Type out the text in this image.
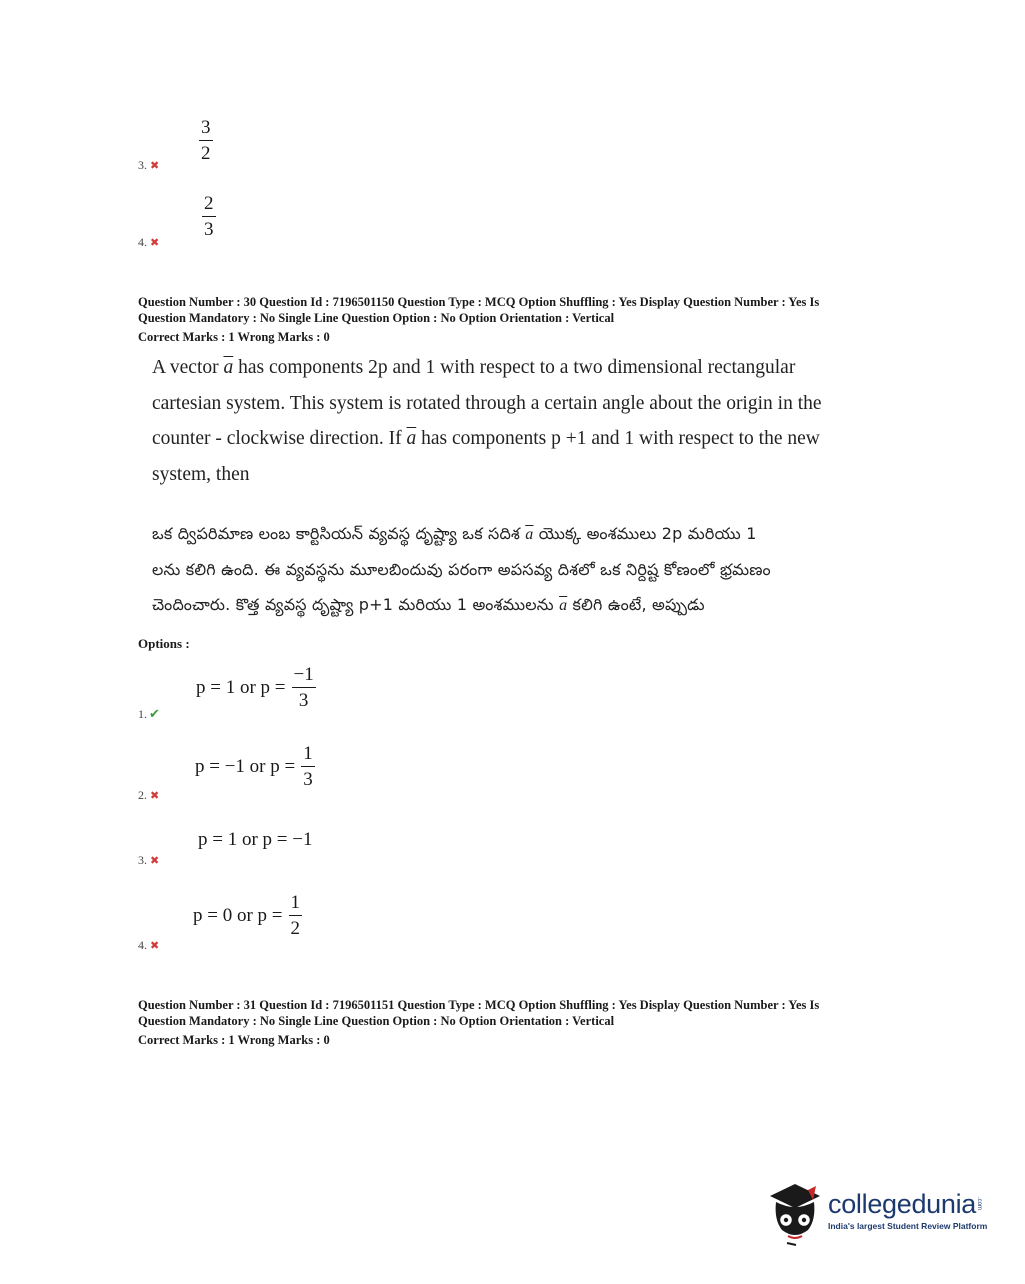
$\frac{3}{2}$
3. ✖
$\frac{2}{3}$
4. ✖
Question Number : 30 Question Id : 7196501150 Question Type : MCQ Option Shuffling : Yes Display Question Number : Yes Is
Question Mandatory : No Single Line Question Option : No Option Orientation : Vertical
Correct Marks : 1 Wrong Marks : 0
A vector $\overline{a}$ has components 2p and 1 with respect to a two dimensional rectangular
cartesian system. This system is rotated through a certain angle about the origin in the
counter - clockwise direction. If $\overline{a}$ has components p +1 and 1 with respect to the new
system, then
ఒక ద్విపరిమాణ లంబ కార్టిసియన్ వ్యవస్థ దృష్ట్యా ఒక సదిశ $\overline{a}$ యొక్క అంశములు 2p మరియు 1
లను కలిగి ఉంది. ఈ వ్యవస్థను మూలబిందువు పరంగా అపసవ్య దిశలో ఒక నిర్దిష్ట కోణంలో భ్రమణం
చెందించారు. కొత్త వ్యవస్థ దృష్ట్యా p+1 మరియు 1 అంశములను $\overline{a}$ కలిగి ఉంటే, అప్పుడు
Options :
p = 1 or $p = \frac{-1}{3}$
1. ✔
p = −1 or $p = \frac{1}{3}$
2. ✖
p = 1 or p = −1
3. ✖
p = 0 or $p = \frac{1}{2}$
4. ✖
Question Number : 31 Question Id : 7196501151 Question Type : MCQ Option Shuffling : Yes Display Question Number : Yes Is
Question Mandatory : No Single Line Question Option : No Option Orientation : Vertical
Correct Marks : 1 Wrong Marks : 0
collegedunia .com
India's largest Student Review Platform
